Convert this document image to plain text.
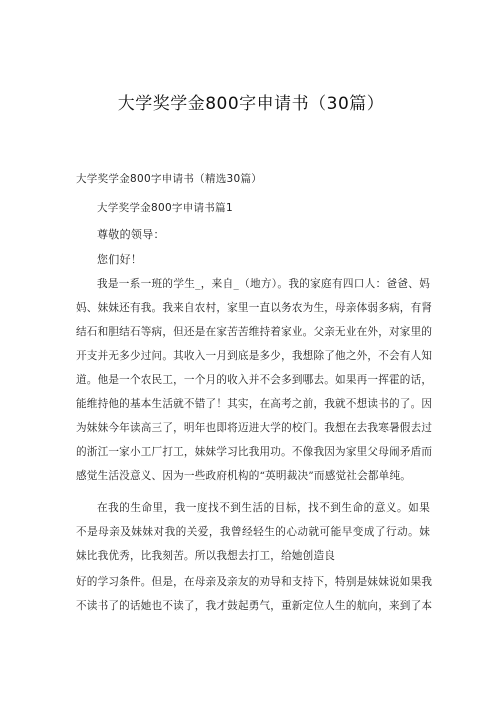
大学奖学金800字申请书（30篇）
大学奖学金800字申请书（精选30篇）
大学奖学金800字申请书篇1
尊敬的领导：
您们好！
我是一系一班的学生_，来自_（地方）。我的家庭有四口人：爸爸、妈
妈、妹妹还有我。我来自农村，家里一直以务农为生，母亲体弱多病，有肾
结石和胆结石等病，但还是在家苦苦维持着家业。父亲无业在外，对家里的
开支并无多少过问。其收入一月到底是多少，我想除了他之外，不会有人知
道。他是一个农民工，一个月的收入并不会多到哪去。如果再一挥霍的话，
能维持他的基本生活就不错了！其实，在高考之前，我就不想读书的了。因
为妹妹今年读高三了，明年也即将迈进大学的校门。我想在去我寒暑假去过
的浙江一家小工厂打工，妹妹学习比我用功。不像我因为家里父母闹矛盾而
感觉生活没意义、因为一些政府机构的“英明裁决”而感觉社会都单纯。
在我的生命里，我一度找不到生活的目标，找不到生命的意义。如果
不是母亲及妹妹对我的关爱，我曾经轻生的心动就可能早变成了行动。妹
妹比我优秀，比我刻苦。所以我想去打工，给她创造良
好的学习条件。但是，在母亲及亲友的劝导和支持下，特别是妹妹说如果我
不读书了的话她也不读了，我才鼓起勇气，重新定位人生的航向，来到了本
